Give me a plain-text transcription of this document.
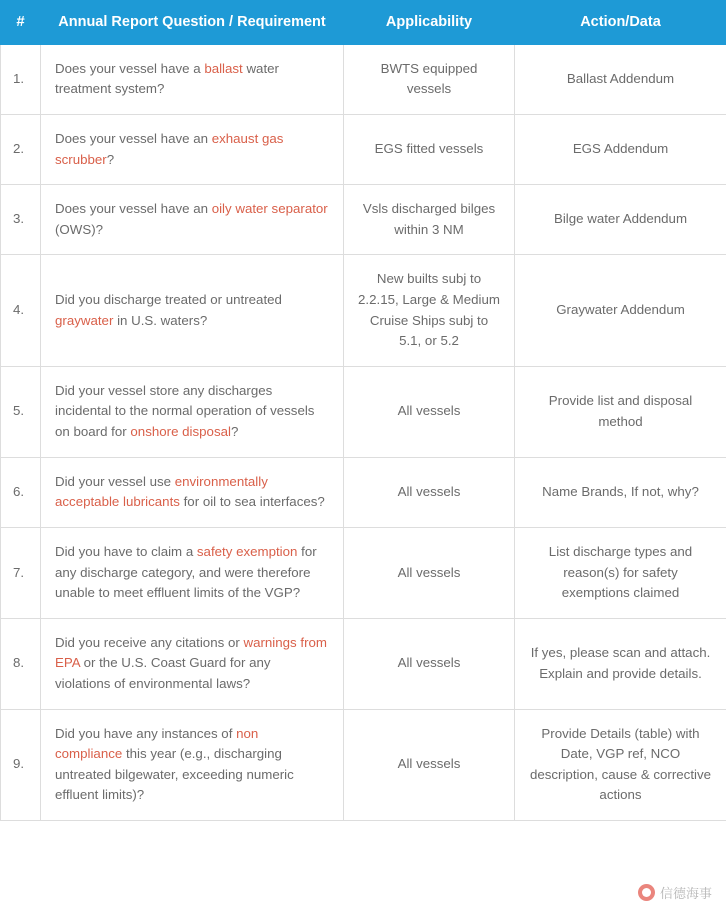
#	Annual Report Question / Requirement	Applicability	Action/Data
1.	Does your vessel have a ballast water treatment system?	BWTS equipped vessels	Ballast Addendum
2.	Does your vessel have an exhaust gas scrubber?	EGS fitted vessels	EGS Addendum
3.	Does your vessel have an oily water separator (OWS)?	Vsls discharged bilges within 3 NM	Bilge water Addendum
4.	Did you discharge treated or untreated graywater in U.S. waters?	New builts subj to 2.2.15, Large & Medium Cruise Ships subj to 5.1, or 5.2	Graywater Addendum
5.	Did your vessel store any discharges incidental to the normal operation of vessels on board for onshore disposal?	All vessels	Provide list and disposal method
6.	Did your vessel use environmentally acceptable lubricants for oil to sea interfaces?	All vessels	Name Brands, If not, why?
7.	Did you have to claim a safety exemption for any discharge category, and were therefore unable to meet effluent limits of the VGP?	All vessels	List discharge types and reason(s) for safety exemptions claimed
8.	Did you receive any citations or warnings from EPA or the U.S. Coast Guard for any violations of environmental laws?	All vessels	If yes, please scan and attach. Explain and provide details.
9.	Did you have any instances of non compliance this year (e.g., discharging untreated bilgewater, exceeding numeric effluent limits)?	All vessels	Provide Details (table) with Date, VGP ref, NCO description, cause & corrective actions
信德海事
